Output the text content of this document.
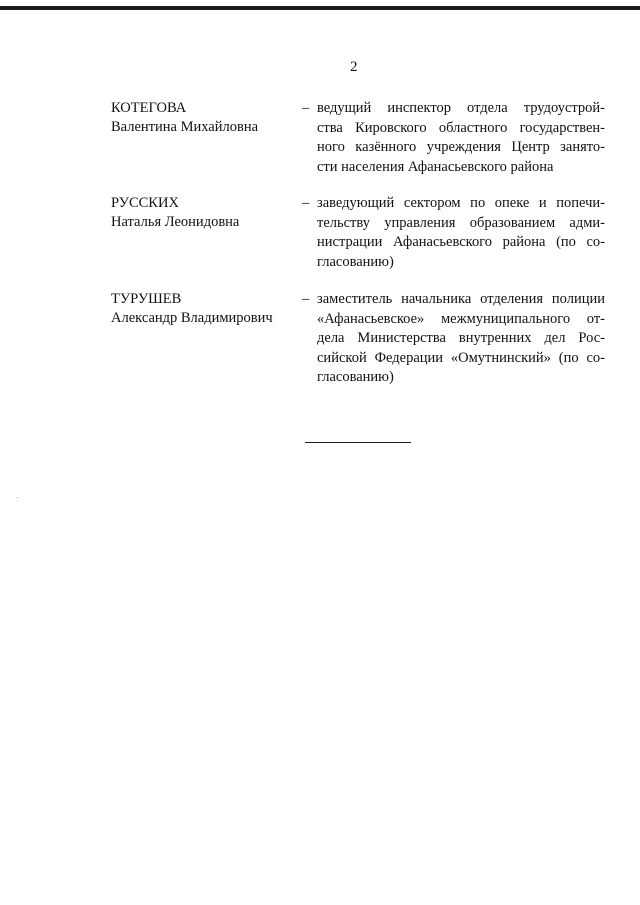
2
КОТЕГОВА
Валентина Михайловна
– ведущий инспектор отдела трудоустрой-
ства Кировского областного государствен-
ного казённого учреждения Центр занято-
сти населения Афанасьевского района
РУССКИХ
Наталья Леонидовна
– заведующий сектором по опеке и попечи-
тельству управления образованием адми-
нистрации Афанасьевского района (по со-
гласованию)
ТУРУШЕВ
Александр Владимирович
– заместитель начальника отделения полиции
«Афанасьевское» межмуниципального от-
дела Министерства внутренних дел Рос-
сийской Федерации «Омутнинский» (по со-
гласованию)
